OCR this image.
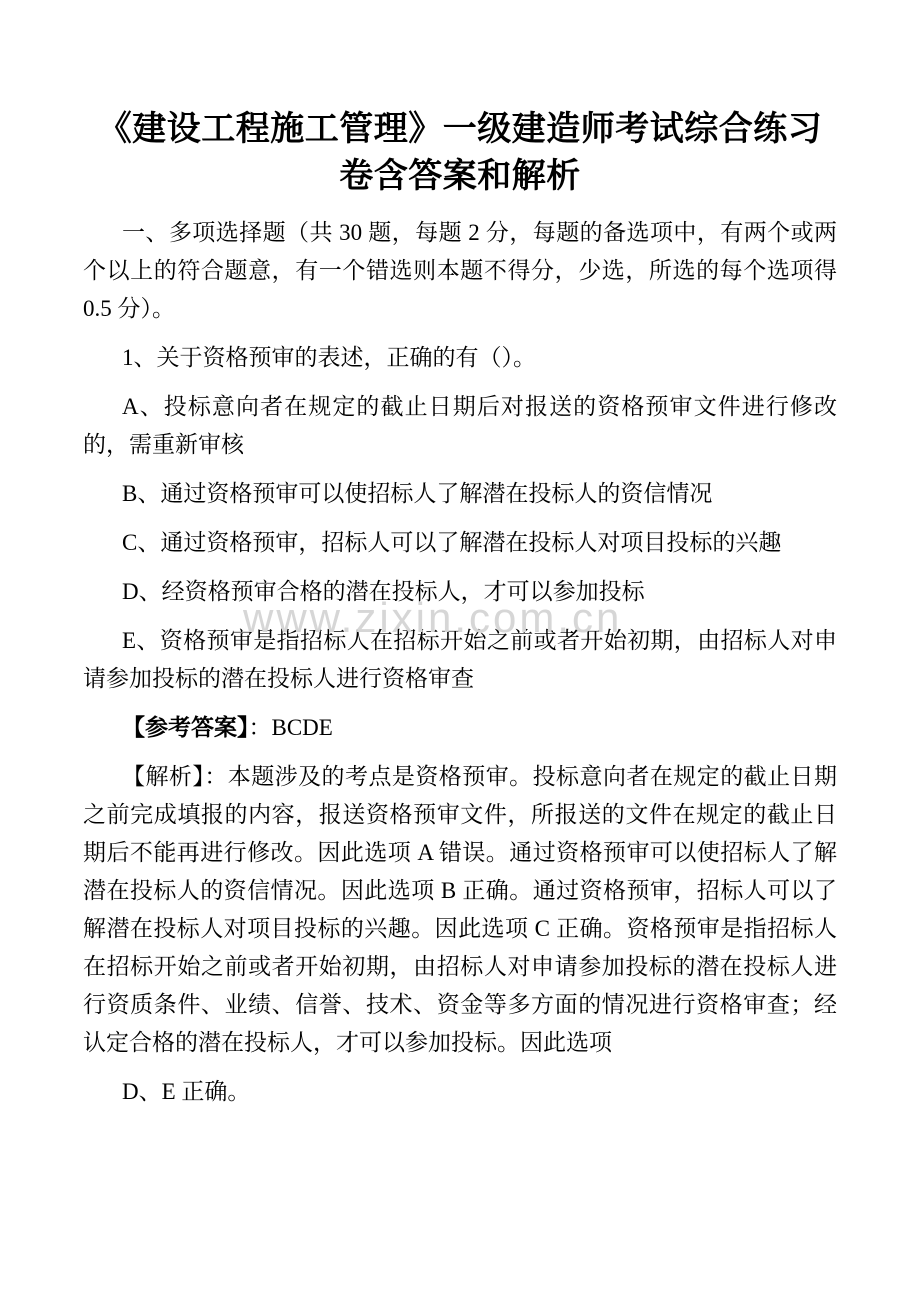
《建设工程施工管理》一级建造师考试综合练习
卷含答案和解析

一、多项选择题（共 30 题，每题 2 分，每题的备选项中，有两个或两个以上的符合题意，有一个错选则本题不得分，少选，所选的每个选项得 0.5 分）。

1、关于资格预审的表述，正确的有（）。

A、投标意向者在规定的截止日期后对报送的资格预审文件进行修改的，需重新审核

B、通过资格预审可以使招标人了解潜在投标人的资信情况

C、通过资格预审，招标人可以了解潜在投标人对项目投标的兴趣

D、经资格预审合格的潜在投标人，才可以参加投标

E、资格预审是指招标人在招标开始之前或者开始初期，由招标人对申请参加投标的潜在投标人进行资格审查

【参考答案】：BCDE

【解析】：本题涉及的考点是资格预审。投标意向者在规定的截止日期之前完成填报的内容，报送资格预审文件，所报送的文件在规定的截止日期后不能再进行修改。因此选项 A 错误。通过资格预审可以使招标人了解潜在投标人的资信情况。因此选项 B 正确。通过资格预审，招标人可以了解潜在投标人对项目投标的兴趣。因此选项 C 正确。资格预审是指招标人在招标开始之前或者开始初期，由招标人对申请参加投标的潜在投标人进行资质条件、业绩、信誉、技术、资金等多方面的情况进行资格审查；经认定合格的潜在投标人，才可以参加投标。因此选项

D、E 正确。

www.zixin.com.cn
